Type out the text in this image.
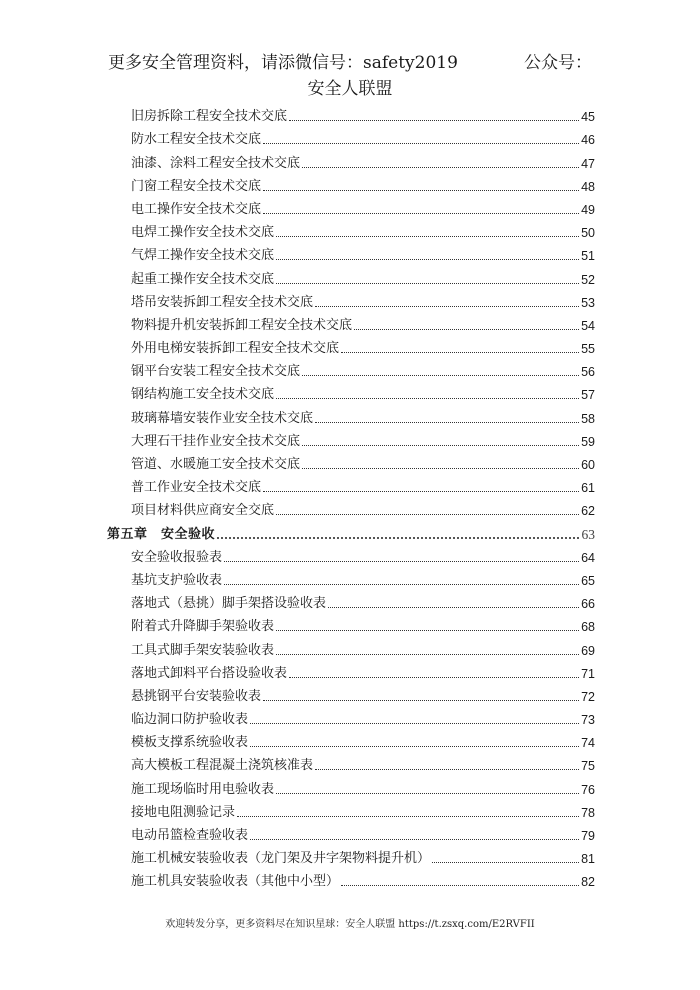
更多安全管理资料，请添微信号：safety2019	公众号：
安全人联盟
旧房拆除工程安全技术交底	45
防水工程安全技术交底	46
油漆、涂料工程安全技术交底	47
门窗工程安全技术交底	48
电工操作安全技术交底	49
电焊工操作安全技术交底	50
气焊工操作安全技术交底	51
起重工操作安全技术交底	52
塔吊安装拆卸工程安全技术交底	53
物料提升机安装拆卸工程安全技术交底	54
外用电梯安装拆卸工程安全技术交底	55
钢平台安装工程安全技术交底	56
钢结构施工安全技术交底	57
玻璃幕墙安装作业安全技术交底	58
大理石干挂作业安全技术交底	59
管道、水暖施工安全技术交底	60
普工作业安全技术交底	61
项目材料供应商安全交底	62
第五章　安全验收	63
安全验收报验表	64
基坑支护验收表	65
落地式（悬挑）脚手架搭设验收表	66
附着式升降脚手架验收表	68
工具式脚手架安装验收表	69
落地式卸料平台搭设验收表	71
悬挑钢平台安装验收表	72
临边洞口防护验收表	73
模板支撑系统验收表	74
高大模板工程混凝土浇筑核准表	75
施工现场临时用电验收表	76
接地电阻测验记录	78
电动吊篮检查验收表	79
施工机械安装验收表（龙门架及井字架物料提升机）	81
施工机具安装验收表（其他中小型）	82
欢迎转发分享，更多资料尽在知识星球：安全人联盟 https://t.zsxq.com/E2RVFII
